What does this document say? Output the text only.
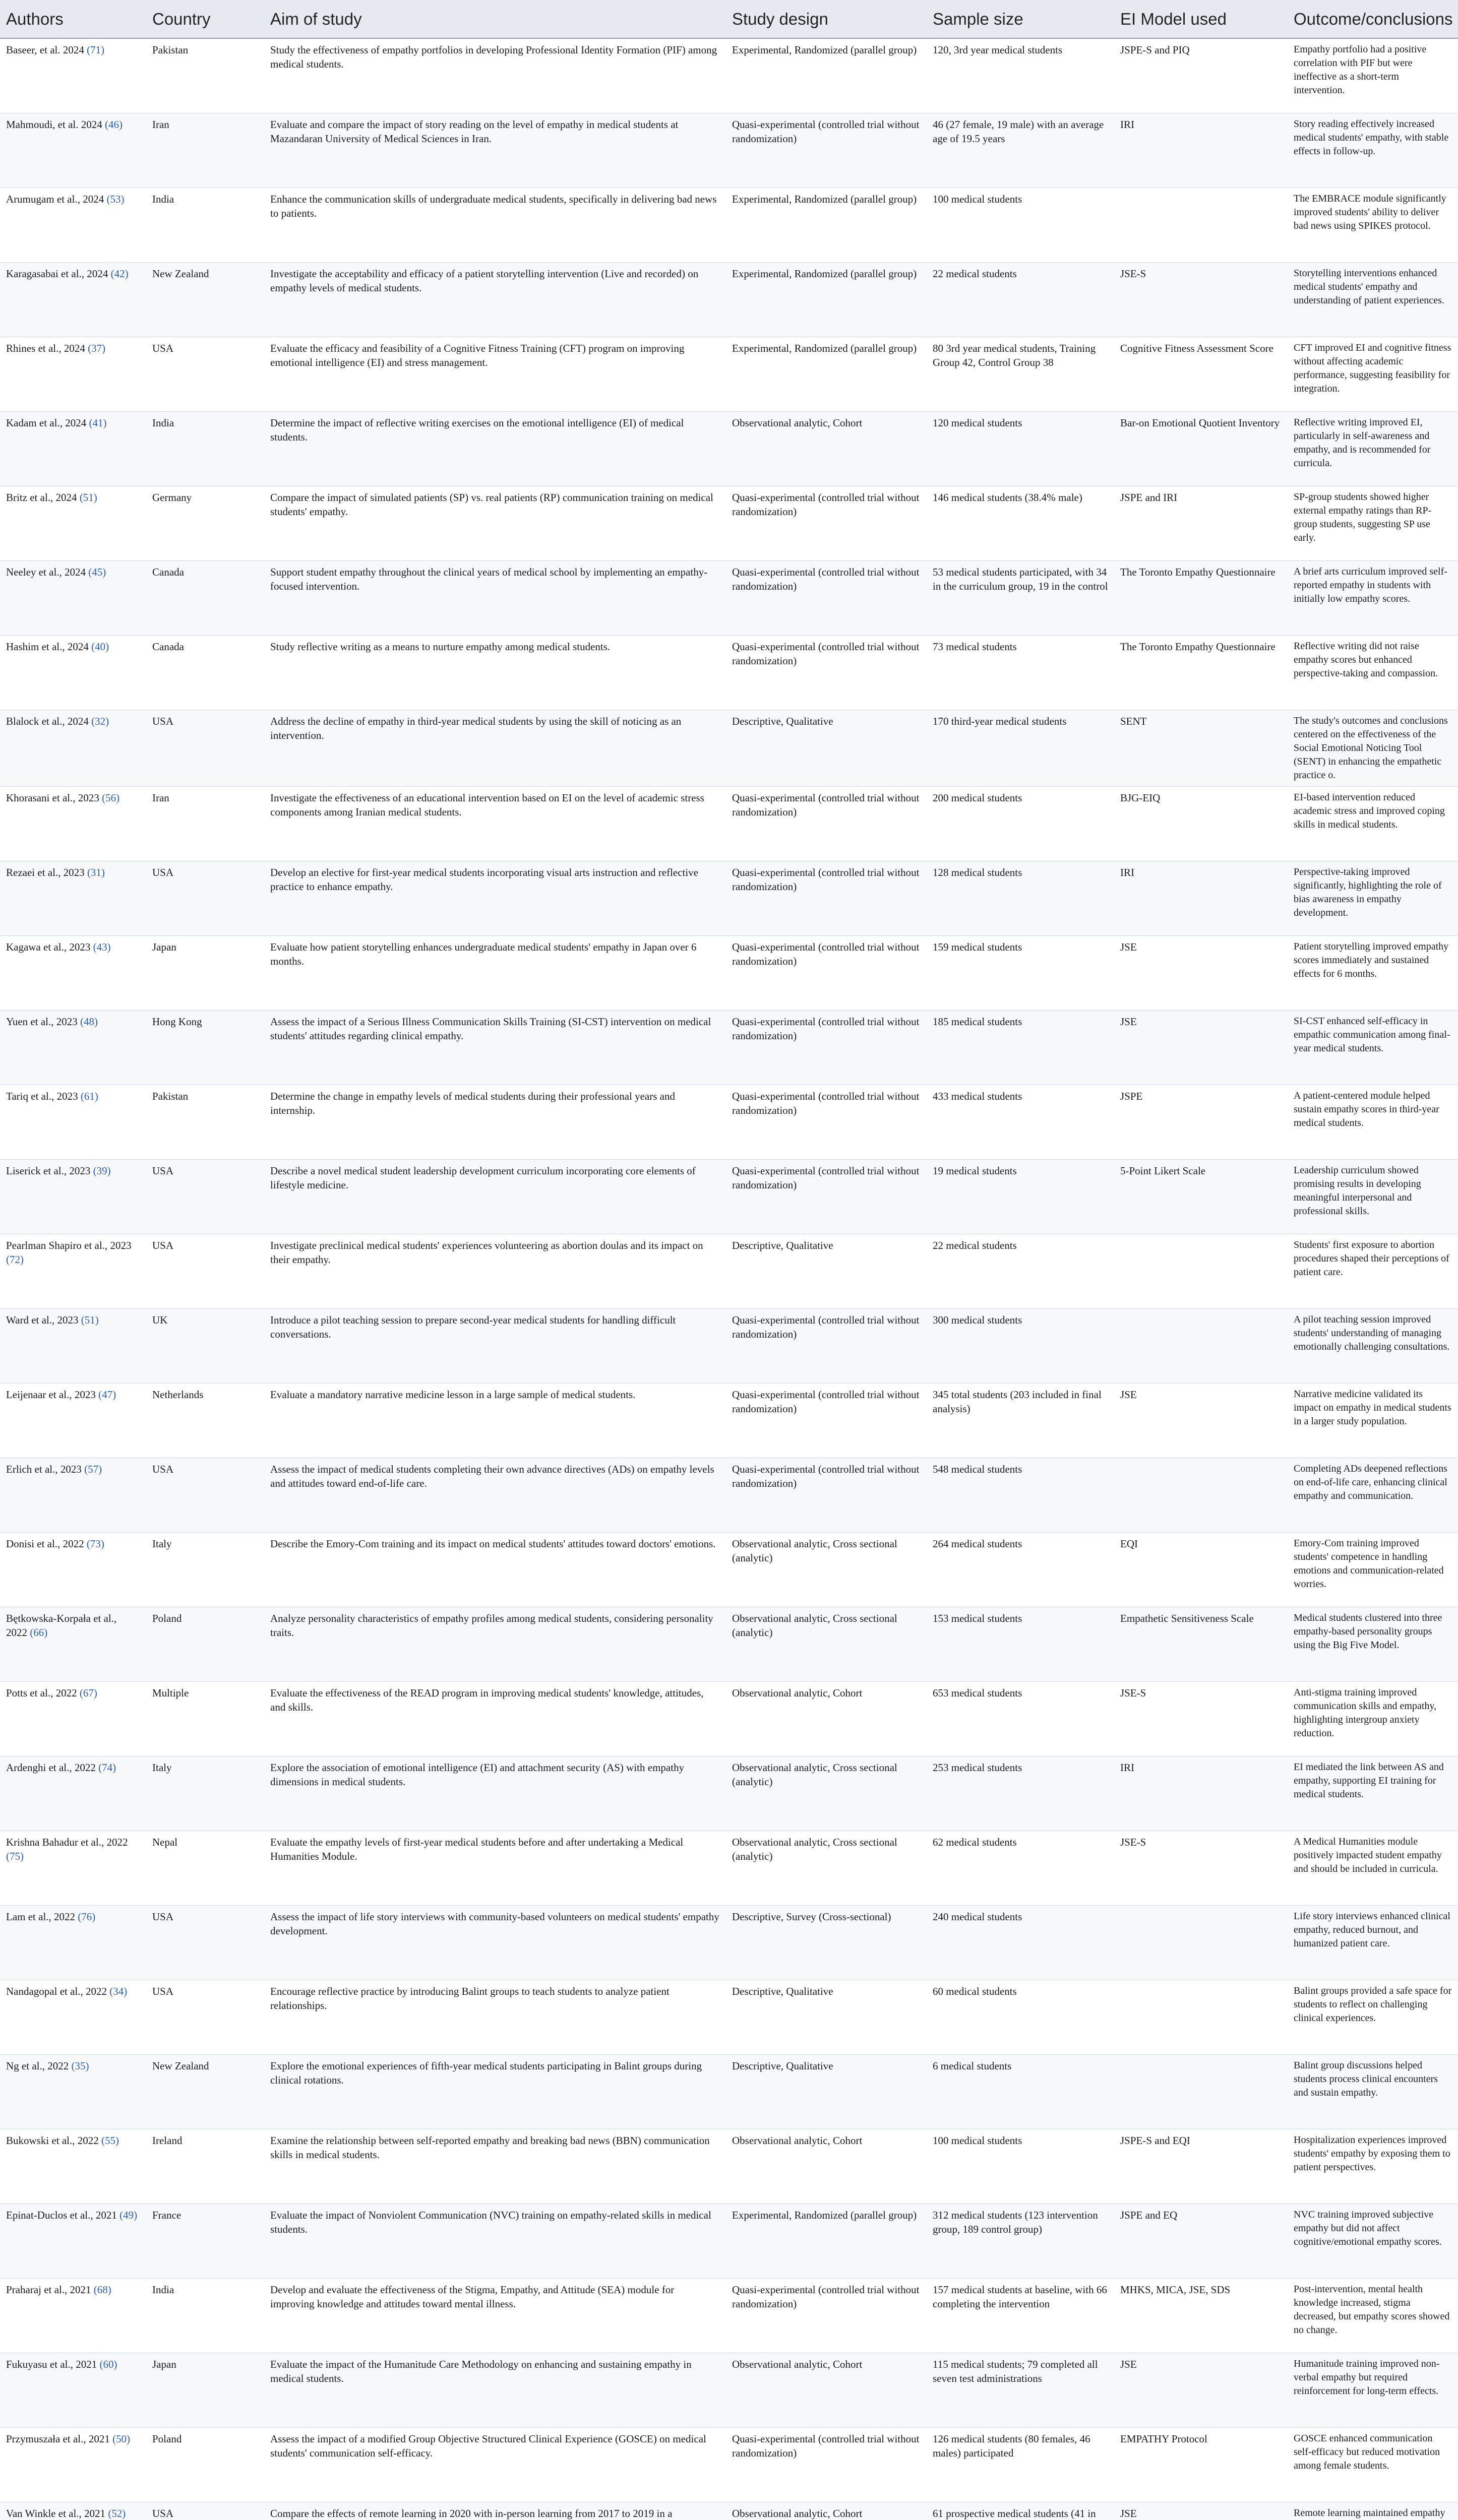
Authors	Country	Aim of study	Study design	Sample size	EI Model used	Outcome/conclusions
Baseer, et al. 2024 (71)	Pakistan	Study the effectiveness of empathy portfolios in developing Professional Identity Formation (PIF) among medical students.	Experimental, Randomized (parallel group)	120, 3rd year medical students	JSPE-S and PIQ	Empathy portfolio had a positive correlation with PIF but were ineffective as a short-term intervention.
Mahmoudi, et al. 2024 (46)	Iran	Evaluate and compare the impact of story reading on the level of empathy in medical students at Mazandaran University of Medical Sciences in Iran.	Quasi-experimental (controlled trial without randomization)	46 (27 female, 19 male) with an average age of 19.5 years	IRI	Story reading effectively increased medical students' empathy, with stable effects in follow-up.
Arumugam et al., 2024 (53)	India	Enhance the communication skills of undergraduate medical students, specifically in delivering bad news to patients.	Experimental, Randomized (parallel group)	100 medical students		The EMBRACE module significantly improved students' ability to deliver bad news using SPIKES protocol.
Karagasabai et al., 2024 (42)	New Zealand	Investigate the acceptability and efficacy of a patient storytelling intervention (Live and recorded) on empathy levels of medical students.	Experimental, Randomized (parallel group)	22 medical students	JSE-S	Storytelling interventions enhanced medical students' empathy and understanding of patient experiences.
Rhines et al., 2024 (37)	USA	Evaluate the efficacy and feasibility of a Cognitive Fitness Training (CFT) program on improving emotional intelligence (EI) and stress management.	Experimental, Randomized (parallel group)	80 3rd year medical students, Training Group 42, Control Group 38	Cognitive Fitness Assessment Score	CFT improved EI and cognitive fitness without affecting academic performance, suggesting feasibility for integration.
Kadam et al., 2024 (41)	India	Determine the impact of reflective writing exercises on the emotional intelligence (EI) of medical students.	Observational analytic, Cohort	120 medical students	Bar-on Emotional Quotient Inventory	Reflective writing improved EI, particularly in self-awareness and empathy, and is recommended for curricula.
Britz et al., 2024 (51)	Germany	Compare the impact of simulated patients (SP) vs. real patients (RP) communication training on medical students' empathy.	Quasi-experimental (controlled trial without randomization)	146 medical students (38.4% male)	JSPE and IRI	SP-group students showed higher external empathy ratings than RP-group students, suggesting SP use early.
Neeley et al., 2024 (45)	Canada	Support student empathy throughout the clinical years of medical school by implementing an empathy-focused intervention.	Quasi-experimental (controlled trial without randomization)	53 medical students participated, with 34 in the curriculum group, 19 in the control	The Toronto Empathy Questionnaire	A brief arts curriculum improved self-reported empathy in students with initially low empathy scores.
Hashim et al., 2024 (40)	Canada	Study reflective writing as a means to nurture empathy among medical students.	Quasi-experimental (controlled trial without randomization)	73 medical students	The Toronto Empathy Questionnaire	Reflective writing did not raise empathy scores but enhanced perspective-taking and compassion.
Blalock et al., 2024 (32)	USA	Address the decline of empathy in third-year medical students by using the skill of noticing as an intervention.	Descriptive, Qualitative	170 third-year medical students	SENT	The study's outcomes and conclusions centered on the effectiveness of the Social Emotional Noticing Tool (SENT) in enhancing the empathetic practice o.
Khorasani et al., 2023 (56)	Iran	Investigate the effectiveness of an educational intervention based on EI on the level of academic stress components among Iranian medical students.	Quasi-experimental (controlled trial without randomization)	200 medical students	BJG-EIQ	EI-based intervention reduced academic stress and improved coping skills in medical students.
Rezaei et al., 2023 (31)	USA	Develop an elective for first-year medical students incorporating visual arts instruction and reflective practice to enhance empathy.	Quasi-experimental (controlled trial without randomization)	128 medical students	IRI	Perspective-taking improved significantly, highlighting the role of bias awareness in empathy development.
Kagawa et al., 2023 (43)	Japan	Evaluate how patient storytelling enhances undergraduate medical students' empathy in Japan over 6 months.	Quasi-experimental (controlled trial without randomization)	159 medical students	JSE	Patient storytelling improved empathy scores immediately and sustained effects for 6 months.
Yuen et al., 2023 (48)	Hong Kong	Assess the impact of a Serious Illness Communication Skills Training (SI-CST) intervention on medical students' attitudes regarding clinical empathy.	Quasi-experimental (controlled trial without randomization)	185 medical students	JSE	SI-CST enhanced self-efficacy in empathic communication among final-year medical students.
Tariq et al., 2023 (61)	Pakistan	Determine the change in empathy levels of medical students during their professional years and internship.	Quasi-experimental (controlled trial without randomization)	433 medical students	JSPE	A patient-centered module helped sustain empathy scores in third-year medical students.
Liserick et al., 2023 (39)	USA	Describe a novel medical student leadership development curriculum incorporating core elements of lifestyle medicine.	Quasi-experimental (controlled trial without randomization)	19 medical students	5-Point Likert Scale	Leadership curriculum showed promising results in developing meaningful interpersonal and professional skills.
Pearlman Shapiro et al., 2023 (72)	USA	Investigate preclinical medical students' experiences volunteering as abortion doulas and its impact on their empathy.	Descriptive, Qualitative	22 medical students		Students' first exposure to abortion procedures shaped their perceptions of patient care.
Ward et al., 2023 (51)	UK	Introduce a pilot teaching session to prepare second-year medical students for handling difficult conversations.	Quasi-experimental (controlled trial without randomization)	300 medical students		A pilot teaching session improved students' understanding of managing emotionally challenging consultations.
Leijenaar et al., 2023 (47)	Netherlands	Evaluate a mandatory narrative medicine lesson in a large sample of medical students.	Quasi-experimental (controlled trial without randomization)	345 total students (203 included in final analysis)	JSE	Narrative medicine validated its impact on empathy in medical students in a larger study population.
Erlich et al., 2023 (57)	USA	Assess the impact of medical students completing their own advance directives (ADs) on empathy levels and attitudes toward end-of-life care.	Quasi-experimental (controlled trial without randomization)	548 medical students		Completing ADs deepened reflections on end-of-life care, enhancing clinical empathy and communication.
Donisi et al., 2022 (73)	Italy	Describe the Emory-Com training and its impact on medical students' attitudes toward doctors' emotions.	Observational analytic, Cross sectional (analytic)	264 medical students	EQI	Emory-Com training improved students' competence in handling emotions and communication-related worries.
Bętkowska-Korpała et al., 2022 (66)	Poland	Analyze personality characteristics of empathy profiles among medical students, considering personality traits.	Observational analytic, Cross sectional (analytic)	153 medical students	Empathetic Sensitiveness Scale	Medical students clustered into three empathy-based personality groups using the Big Five Model.
Potts et al., 2022 (67)	Multiple	Evaluate the effectiveness of the READ program in improving medical students' knowledge, attitudes, and skills.	Observational analytic, Cohort	653 medical students	JSE-S	Anti-stigma training improved communication skills and empathy, highlighting intergroup anxiety reduction.
Ardenghi et al., 2022 (74)	Italy	Explore the association of emotional intelligence (EI) and attachment security (AS) with empathy dimensions in medical students.	Observational analytic, Cross sectional (analytic)	253 medical students	IRI	EI mediated the link between AS and empathy, supporting EI training for medical students.
Krishna Bahadur et al., 2022 (75)	Nepal	Evaluate the empathy levels of first-year medical students before and after undertaking a Medical Humanities Module.	Observational analytic, Cross sectional (analytic)	62 medical students	JSE-S	A Medical Humanities module positively impacted student empathy and should be included in curricula.
Lam et al., 2022 (76)	USA	Assess the impact of life story interviews with community-based volunteers on medical students' empathy development.	Descriptive, Survey (Cross-sectional)	240 medical students		Life story interviews enhanced clinical empathy, reduced burnout, and humanized patient care.
Nandagopal et al., 2022 (34)	USA	Encourage reflective practice by introducing Balint groups to teach students to analyze patient relationships.	Descriptive, Qualitative	60 medical students		Balint groups provided a safe space for students to reflect on challenging clinical experiences.
Ng et al., 2022 (35)	New Zealand	Explore the emotional experiences of fifth-year medical students participating in Balint groups during clinical rotations.	Descriptive, Qualitative	6 medical students		Balint group discussions helped students process clinical encounters and sustain empathy.
Bukowski et al., 2022 (55)	Ireland	Examine the relationship between self-reported empathy and breaking bad news (BBN) communication skills in medical students.	Observational analytic, Cohort	100 medical students	JSPE-S and EQI	Hospitalization experiences improved students' empathy by exposing them to patient perspectives.
Epinat-Duclos et al., 2021 (49)	France	Evaluate the impact of Nonviolent Communication (NVC) training on empathy-related skills in medical students.	Experimental, Randomized (parallel group)	312 medical students (123 intervention group, 189 control group)	JSPE and EQ	NVC training improved subjective empathy but did not affect cognitive/emotional empathy scores.
Praharaj et al., 2021 (68)	India	Develop and evaluate the effectiveness of the Stigma, Empathy, and Attitude (SEA) module for improving knowledge and attitudes toward mental illness.	Quasi-experimental (controlled trial without randomization)	157 medical students at baseline, with 66 completing the intervention	MHKS, MICA, JSE, SDS	Post-intervention, mental health knowledge increased, stigma decreased, but empathy scores showed no change.
Fukuyasu et al., 2021 (60)	Japan	Evaluate the impact of the Humanitude Care Methodology on enhancing and sustaining empathy in medical students.	Observational analytic, Cohort	115 medical students; 79 completed all seven test administrations	JSE	Humanitude training improved non-verbal empathy but required reinforcement for long-term effects.
Przymuszała et al., 2021 (50)	Poland	Assess the impact of a modified Group Objective Structured Clinical Experience (GOSCE) on medical students' communication self-efficacy.	Quasi-experimental (controlled trial without randomization)	126 medical students (80 females, 46 males) participated	EMPATHY Protocol	GOSCE enhanced communication self-efficacy but reduced motivation among female students.
Van Winkle et al., 2021 (52)	USA	Compare the effects of remote learning in 2020 with in-person learning from 2017 to 2019 in a	Observational analytic, Cohort	61 prospective medical students (41 in	JSE	Remote learning maintained empathy
